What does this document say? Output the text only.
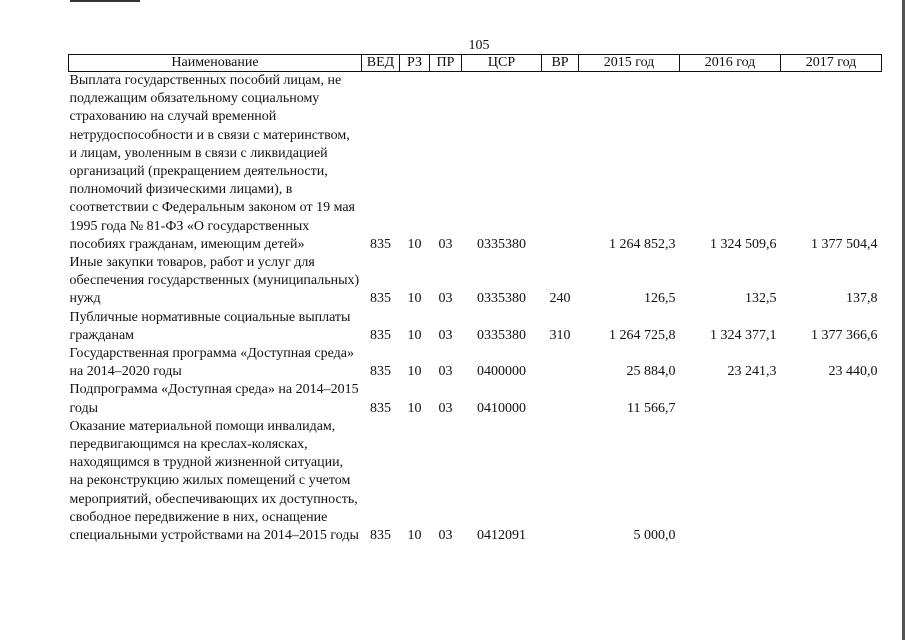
105
Наименование	ВЕД	РЗ	ПР	ЦСР	ВР	2015 год	2016 год	2017 год
Выплата государственных пособий лицам, не подлежащим обязательному социальному страхованию на случай временной нетрудоспособности и в связи с материнством, и лицам, уволенным в связи с ликвидацией организаций (прекращением деятельности, полномочий физическими лицами), в соответствии с Федеральным законом от 19 мая 1995 года № 81-ФЗ «О государственных пособиях гражданам, имеющим детей»	835	10	03	0335380		1 264 852,3	1 324 509,6	1 377 504,4
Иные закупки товаров, работ и услуг для обеспечения государственных (муниципальных) нужд	835	10	03	0335380	240	126,5	132,5	137,8
Публичные нормативные социальные выплаты гражданам	835	10	03	0335380	310	1 264 725,8	1 324 377,1	1 377 366,6
Государственная программа «Доступная среда» на 2014–2020 годы	835	10	03	0400000		25 884,0	23 241,3	23 440,0
Подпрограмма «Доступная среда» на 2014–2015 годы	835	10	03	0410000		11 566,7		
Оказание материальной помощи инвалидам, передвигающимся на креслах-колясках, находящимся в трудной жизненной ситуации, на реконструкцию жилых помещений с учетом мероприятий, обеспечивающих их доступность, свободное передвижение в них, оснащение специальными устройствами на 2014–2015 годы	835	10	03	0412091		5 000,0		
